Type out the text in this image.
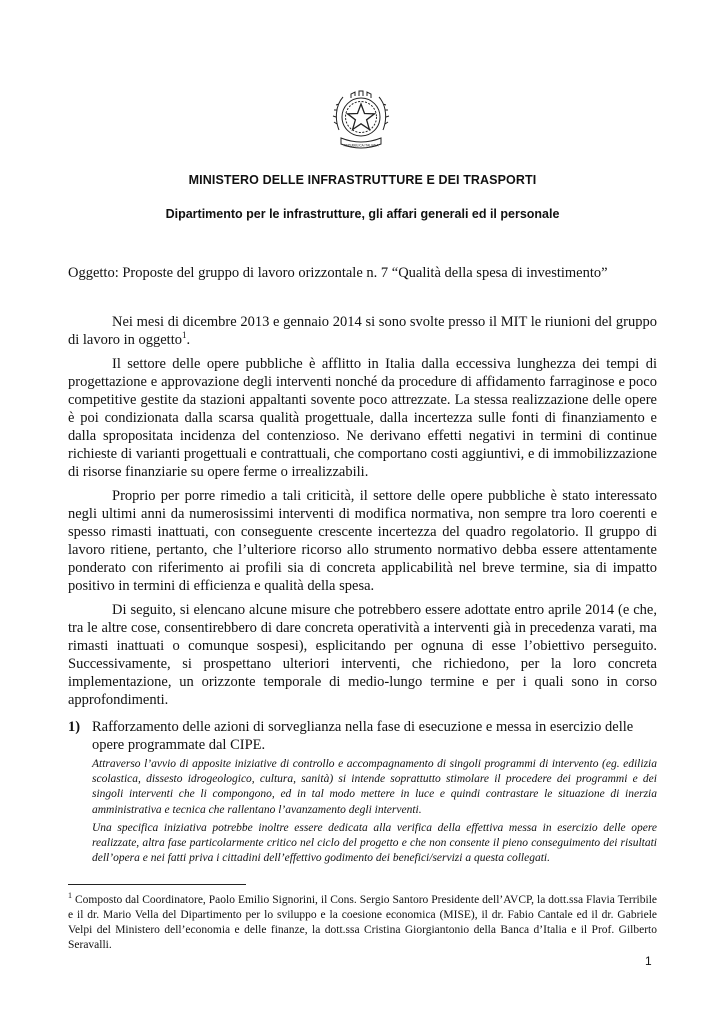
REPUBBLICA ITALIANA
MINISTERO DELLE INFRASTRUTTURE E DEI TRASPORTI
Dipartimento per le infrastrutture, gli affari generali ed il personale
Oggetto: Proposte del gruppo di lavoro orizzontale n. 7 “Qualità della spesa di investimento”

Nei mesi di dicembre 2013 e gennaio 2014 si sono svolte presso il MIT le riunioni del gruppo di lavoro in oggetto$^1$.

Il settore delle opere pubbliche è afflitto in Italia dalla eccessiva lunghezza dei tempi di progettazione e approvazione degli interventi nonché da procedure di affidamento farraginose e poco competitive gestite da stazioni appaltanti sovente poco attrezzate. La stessa realizzazione delle opere è poi condizionata dalla scarsa qualità progettuale, dalla incertezza sulle fonti di finanziamento e dalla spropositata incidenza del contenzioso. Ne derivano effetti negativi in termini di continue richieste di varianti progettuali e contrattuali, che comportano costi aggiuntivi, e di immobilizzazione di risorse finanziarie su opere ferme o irrealizzabili.

Proprio per porre rimedio a tali criticità, il settore delle opere pubbliche è stato interessato negli ultimi anni da numerosissimi interventi di modifica normativa, non sempre tra loro coerenti e spesso rimasti inattuati, con conseguente crescente incertezza del quadro regolatorio. Il gruppo di lavoro ritiene, pertanto, che l’ulteriore ricorso allo strumento normativo debba essere attentamente ponderato con riferimento ai profili sia di concreta applicabilità nel breve termine, sia di impatto positivo in termini di efficienza e qualità della spesa.

Di seguito, si elencano alcune misure che potrebbero essere adottate entro aprile 2014 (e che, tra le altre cose, consentirebbero di dare concreta operatività a interventi già in precedenza varati, ma rimasti inattuati o comunque sospesi), esplicitando per ognuna di esse l’obiettivo perseguito. Successivamente, si prospettano ulteriori interventi, che richiedono, per la loro concreta implementazione, un orizzonte temporale di medio-lungo termine e per i quali sono in corso approfondimenti.

1) Rafforzamento delle azioni di sorveglianza nella fase di esecuzione e messa in esercizio delle opere programmate dal CIPE.

Attraverso l’avvio di apposite iniziative di controllo e accompagnamento di singoli programmi di intervento (eg. edilizia scolastica, dissesto idrogeologico, cultura, sanità) si intende soprattutto stimolare il procedere dei programmi e dei singoli interventi che li compongono, ed in tal modo mettere in luce e quindi contrastare le situazione di inerzia amministrativa e tecnica che rallentano l’avanzamento degli interventi.

Una specifica iniziativa potrebbe inoltre essere dedicata alla verifica della effettiva messa in esercizio delle opere realizzate, altra fase particolarmente critico nel ciclo del progetto e che non consente il pieno conseguimento dei risultati dell’opera e nei fatti priva i cittadini dell’effettivo godimento dei benefici/servizi a questa collegati.

$^1$ Composto dal Coordinatore, Paolo Emilio Signorini, il Cons. Sergio Santoro Presidente dell’AVCP, la dott.ssa Flavia Terribile e il dr. Mario Vella del Dipartimento per lo sviluppo e la coesione economica (MISE), il dr. Fabio Cantale ed il dr. Gabriele Velpi del Ministero dell’economia e delle finanze, la dott.ssa Cristina Giorgiantonio della Banca d’Italia e il Prof. Gilberto Seravalli.
1
